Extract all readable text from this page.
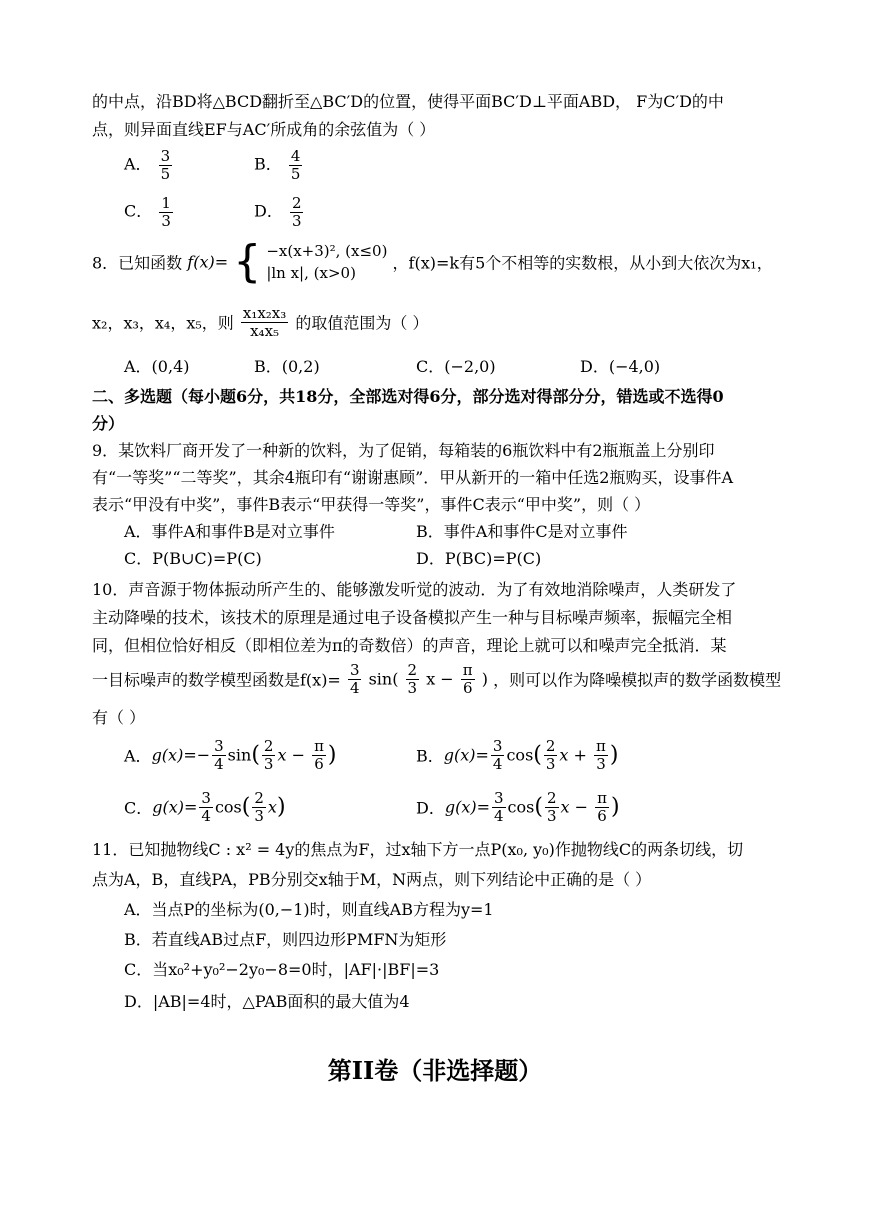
的中点，沿BD将△BCD翻折至△BC′D的位置，使得平面BC′D⊥平面ABD， F为C′D的中
点，则异面直线EF与AC′所成角的余弦值为（ ）
A． $\frac{3}{5}$	B． $\frac{4}{5}$
C． $\frac{1}{3}$	D． $\frac{2}{3}$
8．已知函数 f(x)= { −x(x+3)², (x≤0)
|ln x|, (x>0)
，f(x)=k有5个不相等的实数根，从小到大依次为x₁，
x₂，x₃，x₄，x₅，则 $\frac{\text{x₁x₂x₃}}{\text{x₄x₅}}$ 的取值范围为（ ）
A．(0,4)	B．(0,2)	C．(−2,0)	D．(−4,0)
二、多选题（每小题6分，共18分，全部选对得6分，部分选对得部分分，错选或不选得0
分）
9．某饮料厂商开发了一种新的饮料，为了促销，每箱装的6瓶饮料中有2瓶瓶盖上分别印
有“一等奖”“二等奖”，其余4瓶印有“谢谢惠顾”．甲从新开的一箱中任选2瓶购买，设事件A
表示“甲没有中奖”，事件B表示“甲获得一等奖”，事件C表示“甲中奖”，则（ ）
A．事件A和事件B是对立事件	B．事件A和事件C是对立事件
C．P(B∪C)=P(C)	D．P(BC)=P(C)
10．声音源于物体振动所产生的、能够激发听觉的波动．为了有效地消除噪声，人类研发了
主动降噪的技术，该技术的原理是通过电子设备模拟产生一种与目标噪声频率，振幅完全相
同，但相位恰好相反（即相位差为π的奇数倍）的声音，理论上就可以和噪声完全抵消．某
一目标噪声的数学模型函数是$f(x)= \frac{3}{4} \sin( \frac{2}{3}$ $x - \frac{\pi}{6}$ ) ，则可以作为降噪模拟声的数学函数模型
有（ ）
A．$g(x)=- \frac{3}{4} \sin( \frac{2}{3}$ $x - \frac{\pi}{6}$ )	B．$g(x)= \frac{3}{4} \cos( \frac{2}{3}$ $x + \frac{\pi}{3}$ )
C．$g(x)= \frac{3}{4} \cos( \frac{2}{3} x)$	D．$g(x)= \frac{3}{4} \cos( \frac{2}{3}$ $x - \frac{\pi}{6}$ )
11．已知抛物线C : x² = 4y的焦点为F，过x轴下方一点P(x₀, y₀)作抛物线C的两条切线，切
点为A，B，直线PA，PB分别交x轴于M，N两点，则下列结论中正确的是（ ）
A．当点P的坐标为(0,−1)时，则直线AB方程为y=1
B．若直线AB过点F，则四边形PMFN为矩形
C．当x₀²+y₀²−2y₀−8=0时，|AF|·|BF|=3
D．|AB|=4时，△PAB面积的最大值为4
第II卷（非选择题）
